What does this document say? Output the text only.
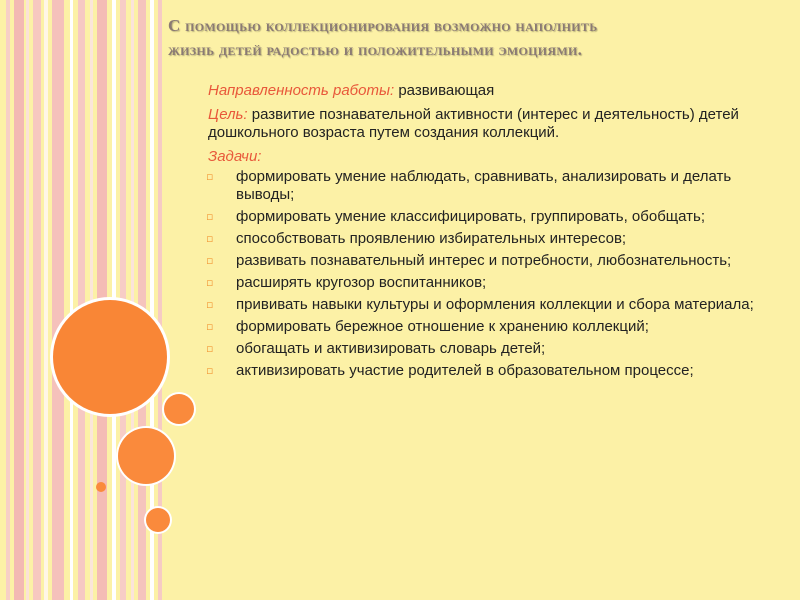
С помощью коллекционирования возможно наполнить
жизнь детей радостью и положительными эмоциями.

Направленность работы: развивающая

Цель: развитие познавательной активности (интерес и деятельность) детей дошкольного возраста путем создания коллекций.

Задачи:

▫ формировать умение наблюдать, сравнивать, анализировать и делать выводы;
▫ формировать умение классифицировать, группировать, обобщать;
▫ способствовать проявлению избирательных интересов;
▫ развивать познавательный интерес и потребности, любознательность;
▫ расширять кругозор воспитанников;
▫ прививать навыки культуры и оформления коллекции и сбора материала;
▫ формировать бережное отношение к хранению коллекций;
▫ обогащать и активизировать словарь детей;
▫ активизировать участие родителей в образовательном процессе;
